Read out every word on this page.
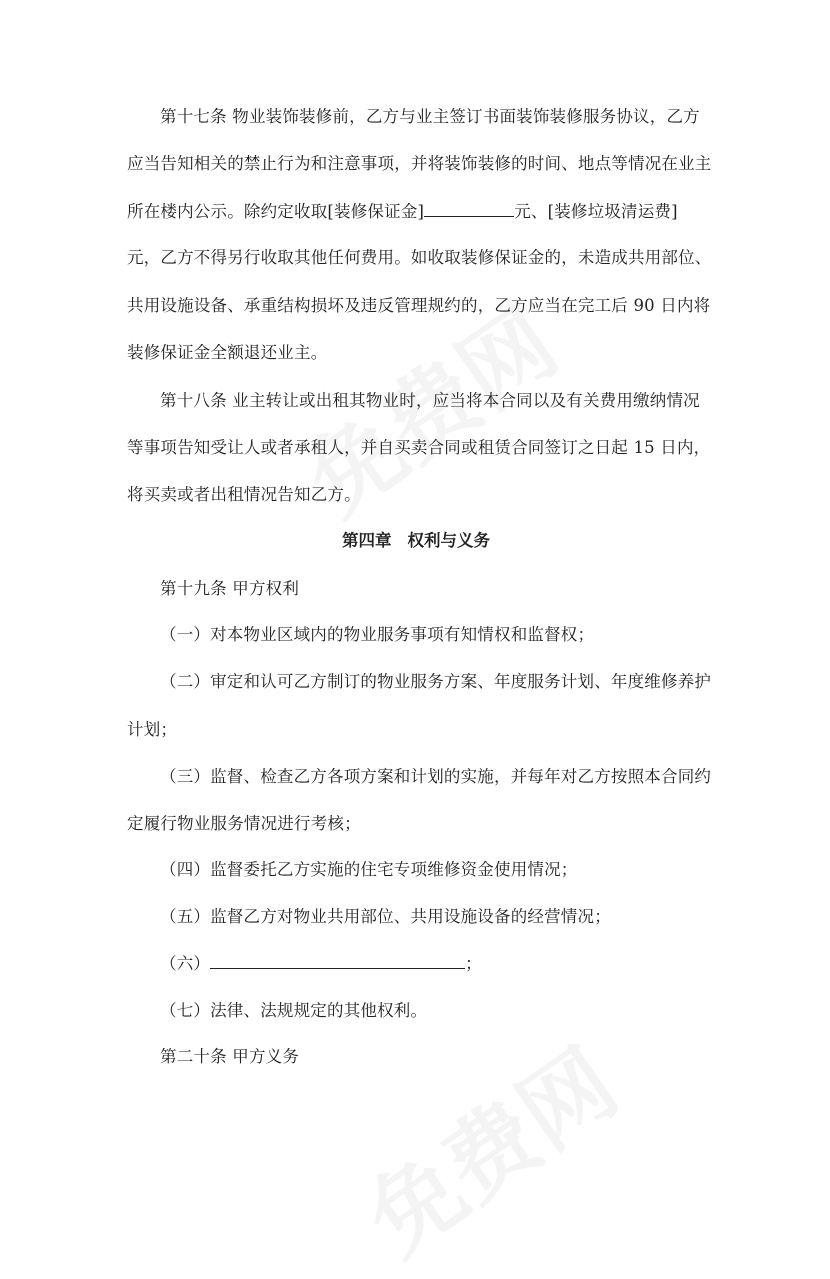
第十七条 物业装饰装修前，乙方与业主签订书面装饰装修服务协议，乙方
应当告知相关的禁止行为和注意事项，并将装饰装修的时间、地点等情况在业主
所在楼内公示。除约定收取[装修保证金]	元、[装修垃圾清运费]
元，乙方不得另行收取其他任何费用。如收取装修保证金的，未造成共用部位、
共用设施设备、承重结构损坏及违反管理规约的，乙方应当在完工后 90 日内将
装修保证金全额退还业主。
第十八条 业主转让或出租其物业时，应当将本合同以及有关费用缴纳情况
等事项告知受让人或者承租人，并自买卖合同或租赁合同签订之日起 15 日内，
将买卖或者出租情况告知乙方。
第四章 权利与义务
第十九条 甲方权利
（一）对本物业区域内的物业服务事项有知情权和监督权；
（二）审定和认可乙方制订的物业服务方案、年度服务计划、年度维修养护
计划；
（三）监督、检查乙方各项方案和计划的实施，并每年对乙方按照本合同约
定履行物业服务情况进行考核；
（四）监督委托乙方实施的住宅专项维修资金使用情况；
（五）监督乙方对物业共用部位、共用设施设备的经营情况；
（六）	；
（七）法律、法规规定的其他权利。
第二十条 甲方义务
